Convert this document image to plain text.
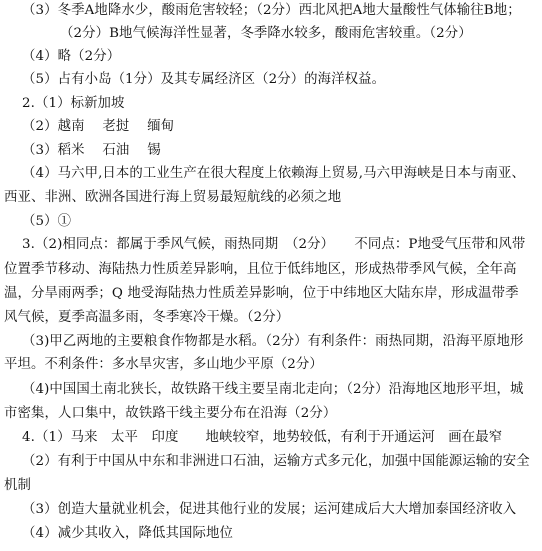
（3）冬季A地降水少，酸雨危害较轻；（2分）西北风把A地大量酸性气体输往B地；
（2分）B地气候海洋性显著，冬季降水较多，酸雨危害较重。（2分）
（4）略（2分）
（5）占有小岛（1分）及其专属经济区（2分）的海洋权益。
2.（1）标新加坡
（2）越南　 老挝　 缅甸
（3）稻米　 石油　 锡
（4）马六甲,日本的工业生产在很大程度上依赖海上贸易,马六甲海峡是日本与南亚、
西亚、非洲、欧洲各国进行海上贸易最短航线的必须之地
（5）①
3.（2)相同点：都属于季风气候，雨热同期　（2分）　　不同点：P地受气压带和风带
位置季节移动、海陆热力性质差异影响，且位于低纬地区，形成热带季风气候，全年高
温，分旱雨两季；Q 地受海陆热力性质差异影响，位于中纬地区大陆东岸，形成温带季
风气候，夏季高温多雨，冬季寒冷干燥。（2分）
（3)甲乙两地的主要粮食作物都是水稻。（2分）有利条件：雨热同期，沿海平原地形
平坦。不利条件：多水旱灾害，多山地少平原（2分）
（4)中国国土南北狭长，故铁路干线主要呈南北走向；（2分）沿海地区地形平坦，城
市密集，人口集中，故铁路干线主要分布在沿海（2分）
4.（1）马来　太平　印度　　地峡较窄，地势较低，有利于开通运河　画在最窄
（2）有利于中国从中东和非洲进口石油，运输方式多元化，加强中国能源运输的安全
机制
（3）创造大量就业机会，促进其他行业的发展；运河建成后大大增加泰国经济收入
（4）减少其收入，降低其国际地位
